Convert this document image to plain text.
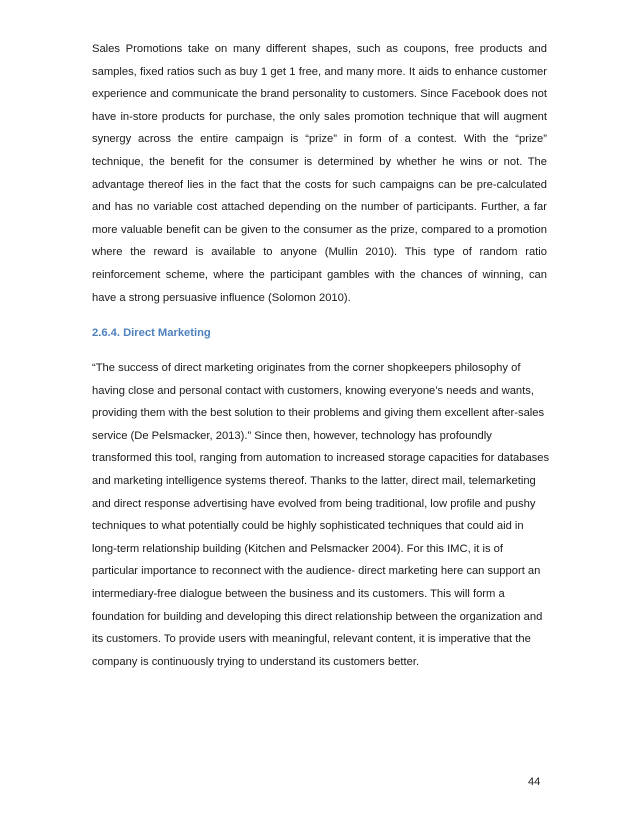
Sales Promotions take on many different shapes, such as coupons, free products and samples, fixed ratios such as buy 1 get 1 free, and many more. It aids to enhance customer experience and communicate the brand personality to customers. Since Facebook does not have in-store products for purchase, the only sales promotion technique that will augment synergy across the entire campaign is “prize” in form of a contest. With the “prize” technique, the benefit for the consumer is determined by whether he wins or not. The advantage thereof lies in the fact that the costs for such campaigns can be pre-calculated and has no variable cost attached depending on the number of participants. Further, a far more valuable benefit can be given to the consumer as the prize, compared to a promotion where the reward is available to anyone (Mullin 2010). This type of random ratio reinforcement scheme, where the participant gambles with the chances of winning, can have a strong persuasive influence (Solomon 2010).

2.6.4. Direct Marketing

“The success of direct marketing originates from the corner shopkeepers philosophy of having close and personal contact with customers, knowing everyone’s needs and wants, providing them with the best solution to their problems and giving them excellent after-sales service (De Pelsmacker, 2013).” Since then, however, technology has profoundly transformed this tool, ranging from automation to increased storage capacities for databases and marketing intelligence systems thereof. Thanks to the latter, direct mail, telemarketing and direct response advertising have evolved from being traditional, low profile and pushy techniques to what potentially could be highly sophisticated techniques that could aid in long-term relationship building (Kitchen and Pelsmacker 2004). For this IMC, it is of particular importance to reconnect with the audience- direct marketing here can support an intermediary-free dialogue between the business and its customers. This will form a foundation for building and developing this direct relationship between the organization and its customers. To provide users with meaningful, relevant content, it is imperative that the company is continuously trying to understand its customers better.

44
